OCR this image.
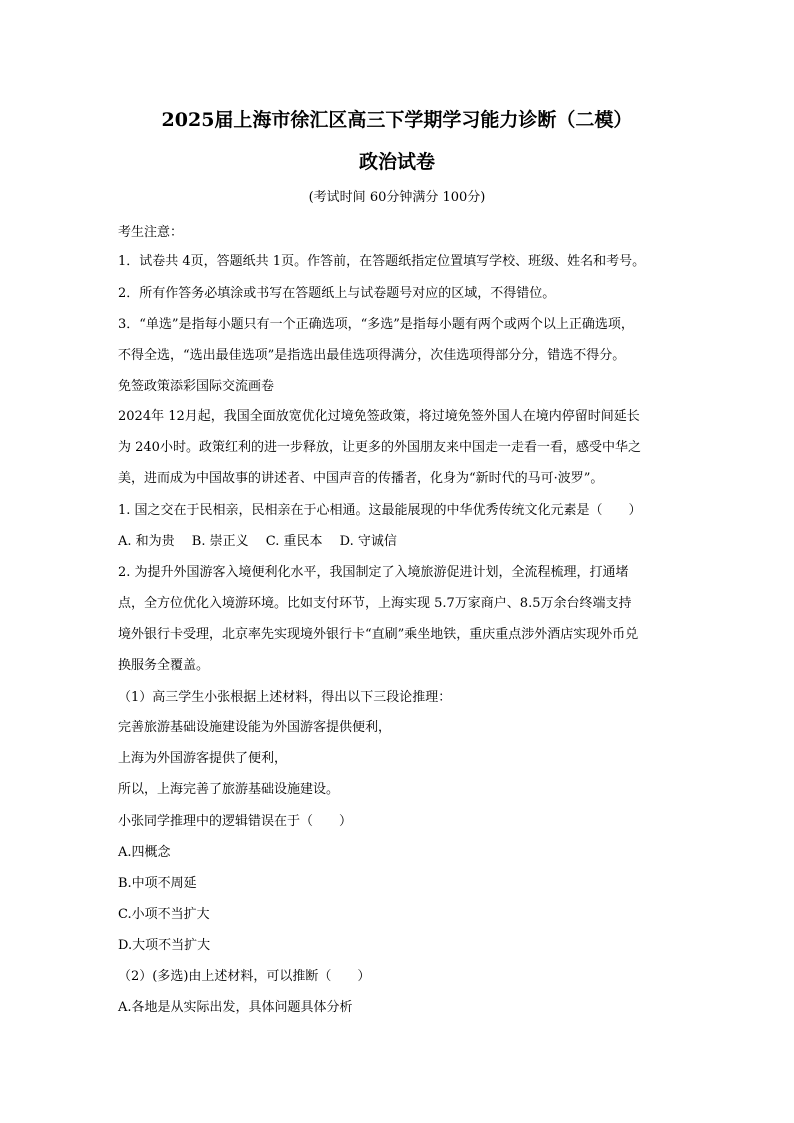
2025届上海市徐汇区高三下学期学习能力诊断（二模）
政治试卷
(考试时间 60分钟满分 100分)
考生注意：
1．试卷共 4页，答题纸共 1页。作答前，在答题纸指定位置填写学校、班级、姓名和考号。
2．所有作答务必填涂或书写在答题纸上与试卷题号对应的区域，不得错位。
3．“单选”是指每小题只有一个正确选项，“多选”是指每小题有两个或两个以上正确选项，
不得全选，“选出最佳选项”是指选出最佳选项得满分，次佳选项得部分分，错选不得分。
免签政策添彩国际交流画卷
2024年 12月起，我国全面放宽优化过境免签政策，将过境免签外国人在境内停留时间延长
为 240小时。政策红利的进一步释放，让更多的外国朋友来中国走一走看一看，感受中华之
美，进而成为中国故事的讲述者、中国声音的传播者，化身为“新时代的马可·波罗”。
1. 国之交在于民相亲，民相亲在于心相通。这最能展现的中华优秀传统文化元素是（　　）
A. 和为贵　 B. 崇正义　 C. 重民本　 D. 守诚信
2. 为提升外国游客入境便利化水平，我国制定了入境旅游促进计划，全流程梳理，打通堵
点，全方位优化入境游环境。比如支付环节，上海实现 5.7万家商户、8.5万余台终端支持
境外银行卡受理，北京率先实现境外银行卡“直刷”乘坐地铁，重庆重点涉外酒店实现外币兑
换服务全覆盖。
（1）高三学生小张根据上述材料，得出以下三段论推理：
完善旅游基础设施建设能为外国游客提供便利，
上海为外国游客提供了便利，
所以，上海完善了旅游基础设施建设。
小张同学推理中的逻辑错误在于（　　）
A.四概念
B.中项不周延
C.小项不当扩大
D.大项不当扩大
（2）(多选)由上述材料，可以推断（　　）
A.各地是从实际出发，具体问题具体分析
